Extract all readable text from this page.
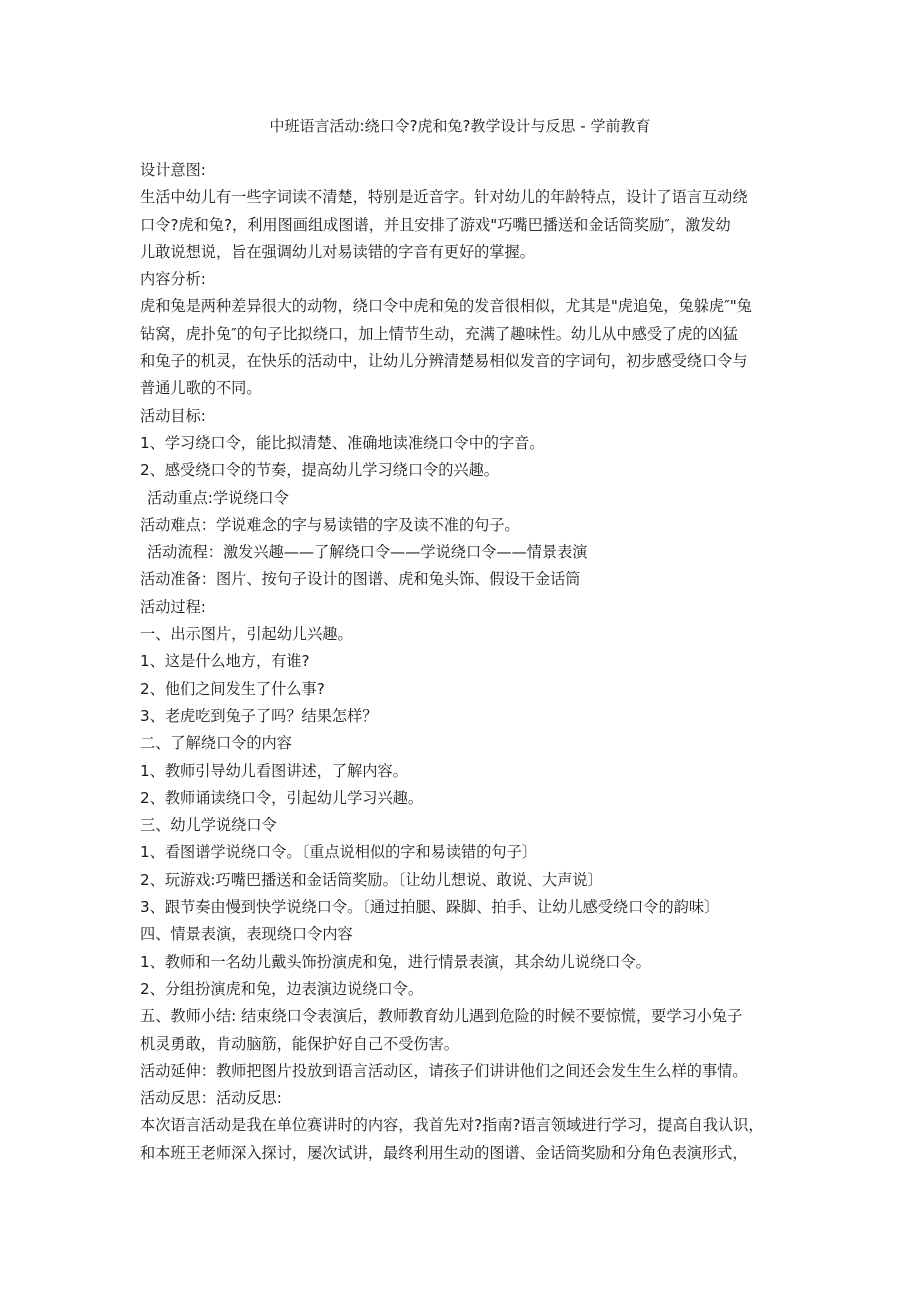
中班语言活动:绕口令?虎和兔?教学设计与反思 - 学前教育
设计意图:
生活中幼儿有一些字词读不清楚，特别是近音字。针对幼儿的年龄特点，设计了语言互动绕
口令?虎和兔?，利用图画组成图谱，并且安排了游戏"巧嘴巴播送和金话筒奖励″，激发幼
儿敢说想说，旨在强调幼儿对易读错的字音有更好的掌握。
内容分析:
虎和兔是两种差异很大的动物，绕口令中虎和兔的发音很相似，尤其是"虎追兔，兔躲虎″"兔
钻窝，虎扑兔″的句子比拟绕口，加上情节生动，充满了趣味性。幼儿从中感受了虎的凶猛
和兔子的机灵，在快乐的活动中，让幼儿分辨清楚易相似发音的字词句，初步感受绕口令与
普通儿歌的不同。
活动目标:
1、学习绕口令，能比拟清楚、准确地读准绕口令中的字音。
2、感受绕口令的节奏，提高幼儿学习绕口令的兴趣。
活动重点:学说绕口令
活动难点：学说难念的字与易读错的字及读不准的句子。
活动流程：激发兴趣——了解绕口令——学说绕口令——情景表演
活动准备：图片、按句子设计的图谱、虎和兔头饰、假设干金话筒
活动过程:
一、出示图片，引起幼儿兴趣。
1、这是什么地方，有谁?
2、他们之间发生了什么事?
3、老虎吃到兔子了吗？结果怎样？
二、了解绕口令的内容
1、教师引导幼儿看图讲述，了解内容。
2、教师诵读绕口令，引起幼儿学习兴趣。
三、幼儿学说绕口令
1、看图谱学说绕口令。〔重点说相似的字和易读错的句子〕
2、玩游戏:巧嘴巴播送和金话筒奖励。〔让幼儿想说、敢说、大声说〕
3、跟节奏由慢到快学说绕口令。〔通过拍腿、跺脚、拍手、让幼儿感受绕口令的韵味〕
四、情景表演，表现绕口令内容
1、教师和一名幼儿戴头饰扮演虎和兔，进行情景表演，其余幼儿说绕口令。
2、分组扮演虎和兔，边表演边说绕口令。
五、教师小结: 结束绕口令表演后，教师教育幼儿遇到危险的时候不要惊慌，要学习小兔子
机灵勇敢，肯动脑筋，能保护好自己不受伤害。
活动延伸：教师把图片投放到语言活动区，请孩子们讲讲他们之间还会发生生么样的事情。
活动反思：活动反思:
本次语言活动是我在单位赛讲时的内容，我首先对?指南?语言领域进行学习，提高自我认识，
和本班王老师深入探讨，屡次试讲，最终利用生动的图谱、金话筒奖励和分角色表演形式，
